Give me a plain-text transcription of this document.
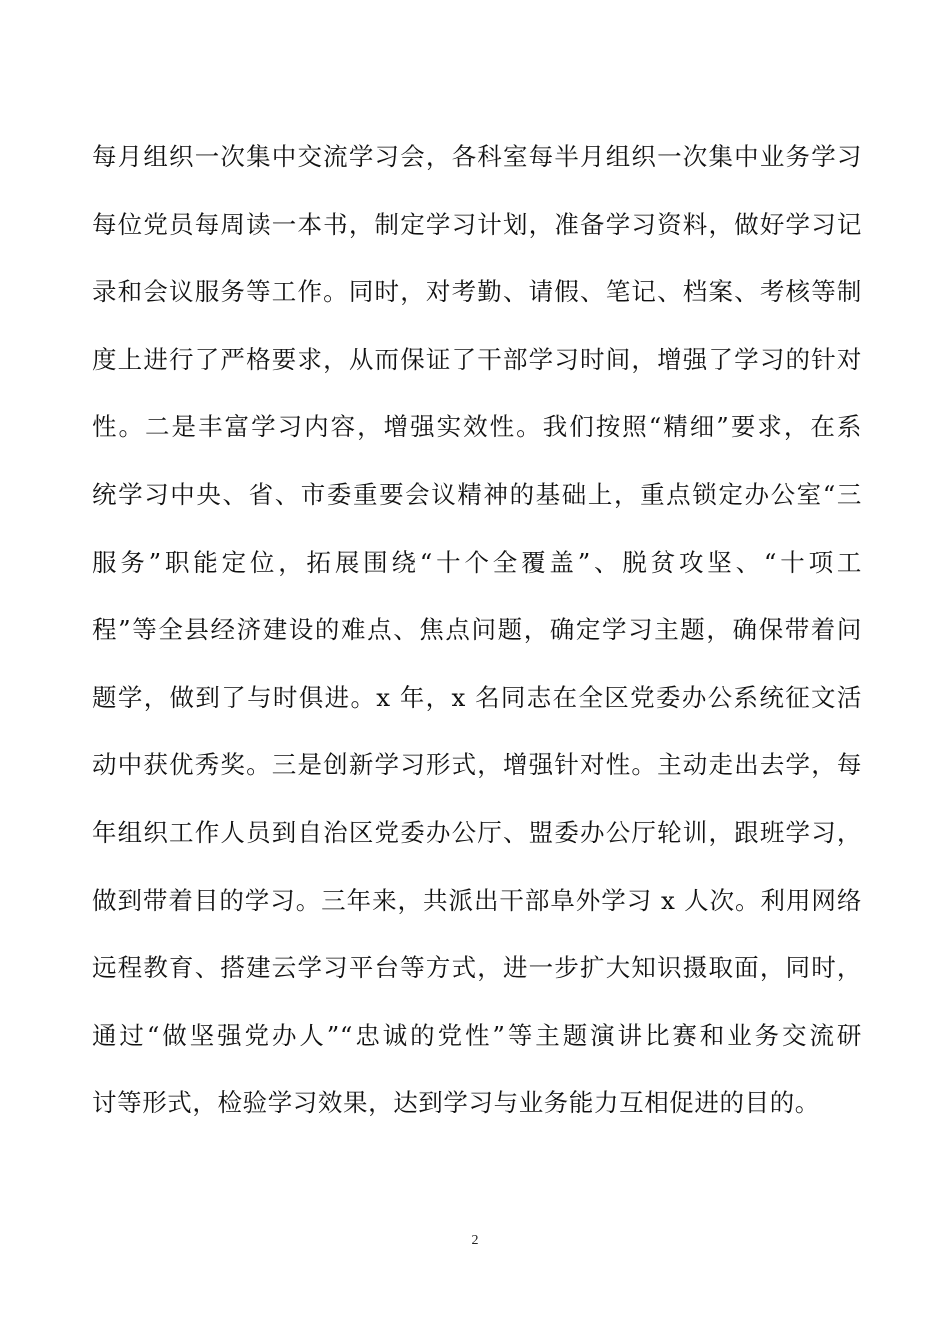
每月组织一次集中交流学习会，各科室每半月组织一次集中业务学习
每位党员每周读一本书，制定学习计划，准备学习资料，做好学习记
录和会议服务等工作。同时，对考勤、请假、笔记、档案、考核等制
度上进行了严格要求，从而保证了干部学习时间，增强了学习的针对
性。二是丰富学习内容，增强实效性。我们按照“精细”要求，在系
统学习中央、省、市委重要会议精神的基础上，重点锁定办公室“三
服务”职能定位，拓展围绕“十个全覆盖”、脱贫攻坚、“十项工
程”等全县经济建设的难点、焦点问题，确定学习主题，确保带着问
题学，做到了与时俱进。x 年，x 名同志在全区党委办公系统征文活
动中获优秀奖。三是创新学习形式，增强针对性。主动走出去学，每
年组织工作人员到自治区党委办公厅、盟委办公厅轮训，跟班学习，
做到带着目的学习。三年来，共派出干部阜外学习 x 人次。利用网络
远程教育、搭建云学习平台等方式，进一步扩大知识摄取面，同时，
通过“做坚强党办人”“忠诚的党性”等主题演讲比赛和业务交流研
讨等形式，检验学习效果，达到学习与业务能力互相促进的目的。
2
